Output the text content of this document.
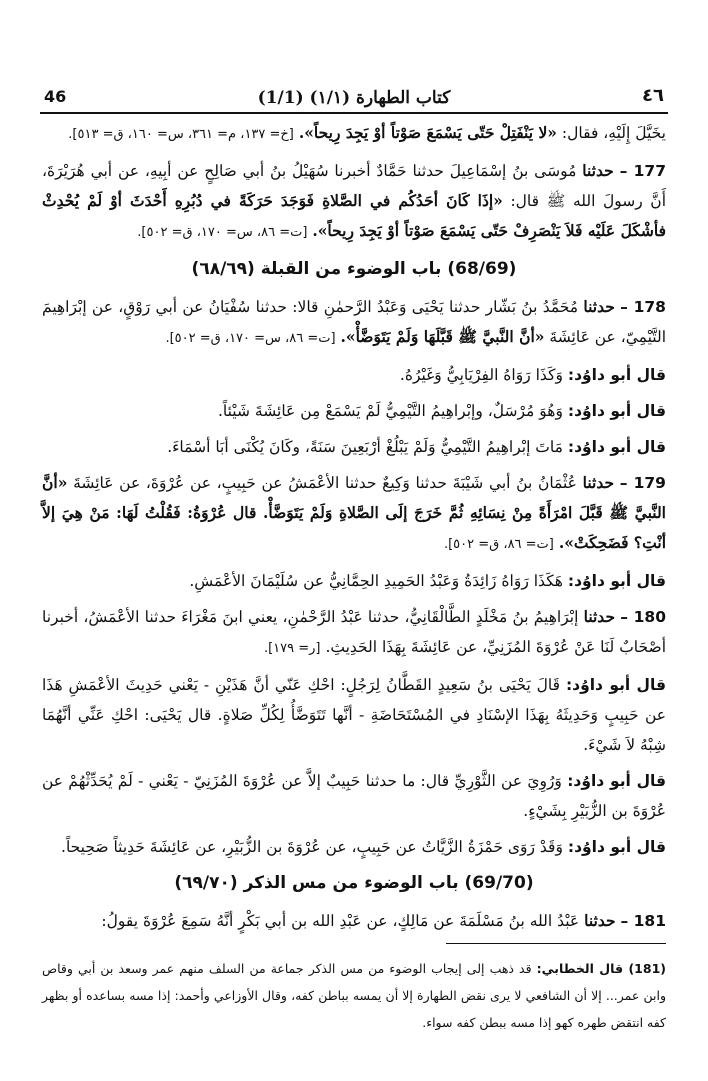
46	(1/1) كتاب الطهارة (١/١)	٤٦

يخَيَّلَ إِلَيْهِ، فقال: «لا يَنْفَتِلْ حَتّى يَسْمَعَ صَوْتاً أوْ يَجِدَ رِيحاً». [خ= ١٣٧، م= ٣٦١، س= ١٦٠، ق= ٥١٣].

177 – حدثنا مُوسَى بنُ إسْمَاعِيلَ حدثنا حَمَّادٌ أخبرنا سُهَيْلُ بنُ أبي صَالِحٍ عن أبِيهِ، عن أبي هُرَيْرَةَ، أَنَّ رسولَ الله ﷺ قال: «إذَا كَانَ أحَدُكُم في الصَّلاةِ فَوَجَدَ حَرَكَةً في دُبُرِهِ أَحْدَثَ أوْ لَمْ يُحْدِثْ فأشْكَلَ عَلَيْه فَلاَ يَنْصَرِفْ حَتّى يَسْمَعَ صَوْتاً أوْ يَجِدَ رِيحاً». [ت= ٨٦، س= ١٧٠، ق= ٥٠٢].

(68/69) باب الوضوء من القبلة (٦٨/٦٩)

178 – حدثنا مُحَمَّدُ بنُ بَشّار حدثنا يَحْيَى وَعَبْدُ الرَّحمٰنِ قالا: حدثنا سُفْيَانُ عن أبي رَوْقٍ، عن إبْرَاهِيمَ التَّيْمِيّ، عن عَائِشَةَ «أنَّ النَّبيَّ ﷺ قَبَّلَهَا وَلَمْ يَتَوَضَّأْ». [ت= ٨٦، س= ١٧٠، ق= ٥٠٢].

قال أبو داوُد: وَكَذَا رَوَاهُ الفِرْيَابِيُّ وَغَيْرُهُ.

قال أبو داوُد: وَهُوَ مُرْسَلٌ، وإبْراهِيمُ التَّيْمِيُّ لَمْ يَسْمَعْ مِن عَائِشَةَ شَيْئاً.

قال أبو داوُد: مَاتَ إبْراهِيمُ التَّيْمِيُّ وَلَمْ يَبْلُغْ أرْبَعِينَ سَنَةً، وكَانَ يُكْنَى أبَا أسْمَاءَ.

179 – حدثنا عُثْمَانُ بنُ أبي شَيْبَةَ حدثنا وَكِيعٌ حدثنا الأعْمَشُ عن حَبِيبٍ، عن عُرْوَةَ، عن عَائِشَةَ «أنَّ النَّبيَّ ﷺ قَبَّلَ امْرَأَةً مِنْ نِسَائِهِ ثُمَّ خَرَجَ إلَى الصَّلاةِ وَلَمْ يَتَوَضَّأْ. قال عُرْوَةُ: فَقُلْتُ لَهَا: مَنْ هِيَ إلاَّ أنْتِ؟ فَضَحِكَتْ». [ت= ٨٦، ق= ٥٠٢].

قال أبو داوُد: هَكَذَا رَوَاهُ زَائِدَةُ وَعَبْدُ الحَمِيدِ الحِمَّانِيُّ عن سُلَيْمَانَ الأعْمَشِ.

180 – حدثنا إبْرَاهِيمُ بنُ مَخْلَدٍ الطَّالْقَانِيُّ، حدثنا عَبْدُ الرَّحْمٰنِ، يعني ابنَ مَغْرَاءَ حدثنا الأعْمَشُ، أخبرنا أصْحَابٌ لَنَا عَنْ عُرْوَةَ المُزَنِيِّ، عن عَائِشَةَ بِهَذَا الحَدِيثِ. [ر= ١٧٩].

قال أبو داوُد: قَالَ يَحْيَى بنُ سَعِيدٍ القَطَّانُ لِرَجُلٍ: احْكِ عَنّي أنَّ هَذَيْنِ - يَعْني حَدِيثَ الأعْمَشِ هَذَا عن حَبِيبٍ وَحَدِيثَهُ بِهَذَا الإسْنَادِ في المُسْتَحَاضَةِ - أنَّها تَتَوَضَّأُ لِكُلِّ صَلاةٍ. قال يَحْيَى: احْكِ عَنِّي أنَّهُمَا شِبْهُ لاَ شَيْءَ.

قال أبو داوُد: وَرُوِيَ عن الثَّوْرِيِّ قال: ما حدثنا حَبِيبٌ إلاَّ عن عُرْوَةَ المُزَنِيّ - يَعْني - لَمْ يُحَدِّثْهُمْ عن عُرْوَةَ بن الزُّبَيْرِ بِشَيْءٍ.

قال أبو داوُد: وَقَدْ رَوَى حَمْزَةُ الزَّيَّاتُ عن حَبِيبٍ، عن عُرْوَةَ بن الزُّبَيْرِ، عن عَائِشَةَ حَدِيثاً صَحِيحاً.

(69/70) باب الوضوء من مس الذكر (٦٩/٧٠)

181 – حدثنا عَبْدُ الله بنُ مَسْلَمَةَ عن مَالِكٍ، عن عَبْدِ الله بن أبي بَكْرٍ أنَّهُ سَمِعَ عُرْوَةَ يقولُ:

(181) قال الخطابي: قد ذهب إلى إيجاب الوضوء من مس الذكر جماعة من السلف منهم عمر وسعد بن أبي وقاص وابن عمر... إلا أن الشافعي لا يرى نقض الطهارة إلا أن يمسه بباطن كفه، وقال الأوزاعي وأحمد: إذا مسه بساعده أو بظهر كفه انتقض طهره كهو إذا مسه ببطن كفه سواء.
